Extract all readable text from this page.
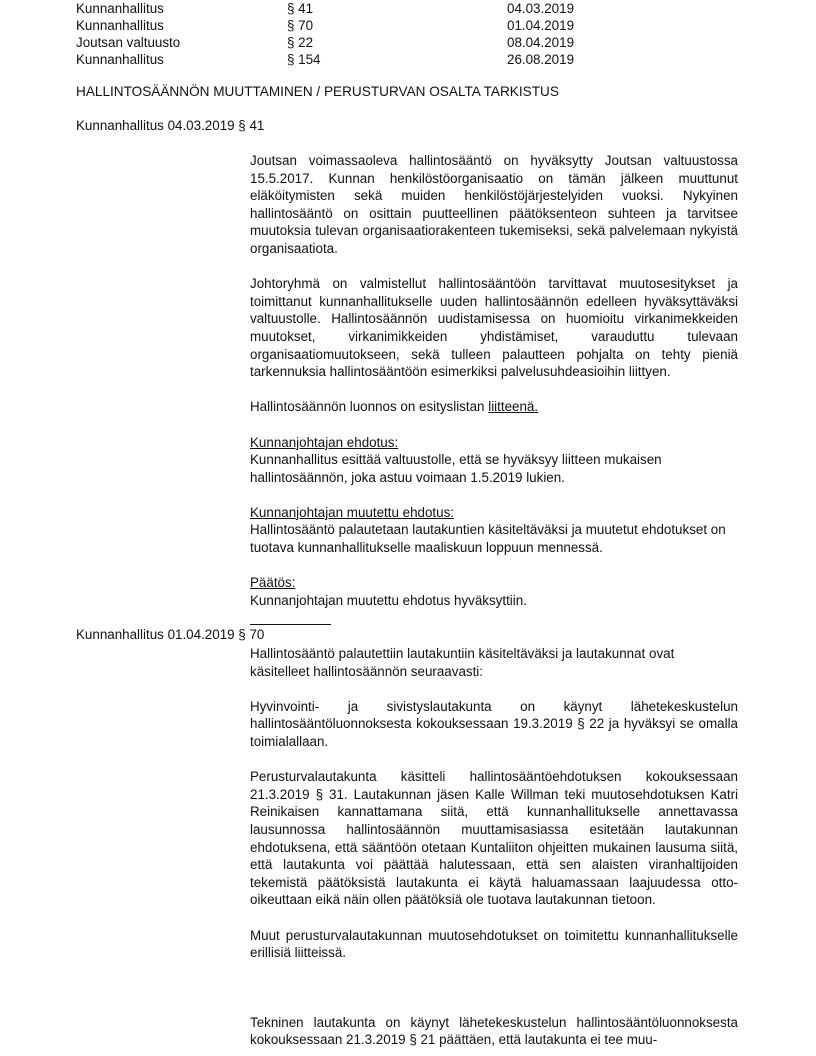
Kunnanhallitus	§ 41	04.03.2019
Kunnanhallitus	§ 70	01.04.2019
Joutsan valtuusto	§ 22	08.04.2019
Kunnanhallitus	§ 154	26.08.2019
HALLINTOSÄÄNNÖN MUUTTAMINEN / PERUSTURVAN OSALTA TARKISTUS
Kunnanhallitus 04.03.2019 § 41

Joutsan voimassaoleva hallintosääntö on hyväksytty Joutsan valtuustossa 15.5.2017. Kunnan henkilöstöorganisaatio on tämän jälkeen muuttunut eläköitymisten sekä muiden henkilöstöjärjestelyiden vuoksi. Nykyinen hallintosääntö on osittain puutteellinen päätöksenteon suhteen ja tarvitsee muutoksia tulevan organisaatiorakenteen tukemiseksi, sekä palvelemaan nykyistä organisaatiota.

Johtoryhmä on valmistellut hallintosääntöön tarvittavat muutosesitykset ja toimittanut kunnanhallitukselle uuden hallintosäännön edelleen hyväksyttäväksi valtuustolle. Hallintosäännön uudistamisessa on huomioitu virkanimekkeiden muutokset, virkanimikkeiden yhdistämiset, varauduttu tulevaan organisaatiomuutokseen, sekä tulleen palautteen pohjalta on tehty pieniä tarkennuksia hallintosääntöön esimerkiksi palvelusuhdeasioihin liittyen.

Hallintosäännön luonnos on esityslistan liitteenä.

Kunnanjohtajan ehdotus:

Kunnanhallitus esittää valtuustolle, että se hyväksyy liitteen mukaisen hallintosäännön, joka astuu voimaan 1.5.2019 lukien.

Kunnanjohtajan muutettu ehdotus:

Hallintosääntö palautetaan lautakuntien käsiteltäväksi ja muutetut ehdotukset on tuotava kunnanhallitukselle maaliskuun loppuun mennessä.

Päätös:

Kunnanjohtajan muutettu ehdotus hyväksyttiin.

Kunnanhallitus 01.04.2019 § 70

Hallintosääntö palautettiin lautakuntiin käsiteltäväksi ja lautakunnat ovat käsitelleet hallintosäännön seuraavasti:

Hyvinvointi- ja sivistyslautakunta on käynyt lähetekeskustelun hallintosääntöluonnoksesta kokouksessaan 19.3.2019 § 22 ja hyväksyi se omalla toimialallaan.

Perusturvalautakunta käsitteli hallintosääntöehdotuksen kokouksessaan 21.3.2019 § 31. Lautakunnan jäsen Kalle Willman teki muutosehdotuksen Katri Reinikaisen kannattamana siitä, että kunnanhallitukselle annettavassa lausunnossa hallintosäännön muuttamisasiassa esitetään lautakunnan ehdotuksena, että sääntöön otetaan Kuntaliiton ohjeitten mukainen lausuma siitä, että lautakunta voi päättää halutessaan, että sen alaisten viranhaltijoiden tekemistä päätöksistä lautakunta ei käytä haluamassaan laajuudessa otto-oikeuttaan eikä näin ollen päätöksiä ole tuotava lautakunnan tietoon.

Muut perusturvalautakunnan muutosehdotukset on toimitettu kunnanhallitukselle erillisiä liitteissä.

Tekninen lautakunta on käynyt lähetekeskustelun hallintosääntöluonnoksesta kokouksessaan 21.3.2019 § 21 päättäen, että lautakunta ei tee muu-
